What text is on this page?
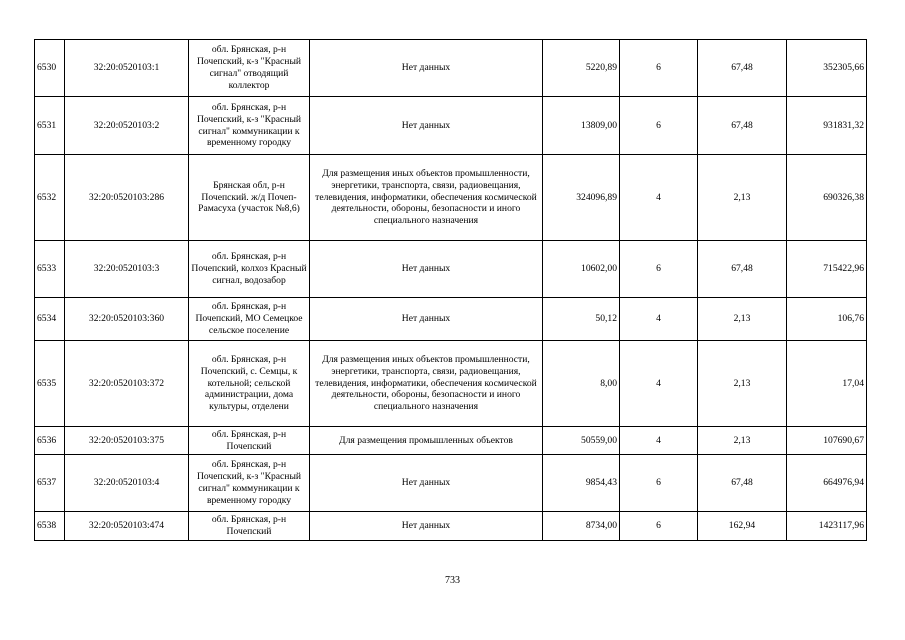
6530	32:20:0520103:1	обл. Брянская, р-н Почепский, к-з "Красный сигнал" отводящий коллектор	Нет данных	5220,89	6	67,48	352305,66
6531	32:20:0520103:2	обл. Брянская, р-н Почепский, к-з "Красный сигнал" коммуникации к временному городку	Нет данных	13809,00	6	67,48	931831,32
6532	32:20:0520103:286	Брянская обл, р-н Почепский. ж/д Почеп-Рамасуха (участок №8,6)	Для размещения иных объектов промышленности, энергетики, транспорта, связи, радиовещания, телевидения, информатики, обеспечения космической деятельности, обороны, безопасности и иного специального назначения	324096,89	4	2,13	690326,38
6533	32:20:0520103:3	обл. Брянская, р-н Почепский, колхоз Красный сигнал, водозабор	Нет данных	10602,00	6	67,48	715422,96
6534	32:20:0520103:360	обл. Брянская, р-н Почепский, МО Семецкое сельское поселение	Нет данных	50,12	4	2,13	106,76
6535	32:20:0520103:372	обл. Брянская, р-н Почепский, с. Семцы, к котельной; сельской администрации, дома культуры, отделени	Для размещения иных объектов промышленности, энергетики, транспорта, связи, радиовещания, телевидения, информатики, обеспечения космической деятельности, обороны, безопасности и иного специального назначения	8,00	4	2,13	17,04
6536	32:20:0520103:375	обл. Брянская, р-н Почепский	Для размещения промышленных объектов	50559,00	4	2,13	107690,67
6537	32:20:0520103:4	обл. Брянская, р-н Почепский, к-з "Красный сигнал" коммуникации к временному городку	Нет данных	9854,43	6	67,48	664976,94
6538	32:20:0520103:474	обл. Брянская, р-н Почепский	Нет данных	8734,00	6	162,94	1423117,96
733
